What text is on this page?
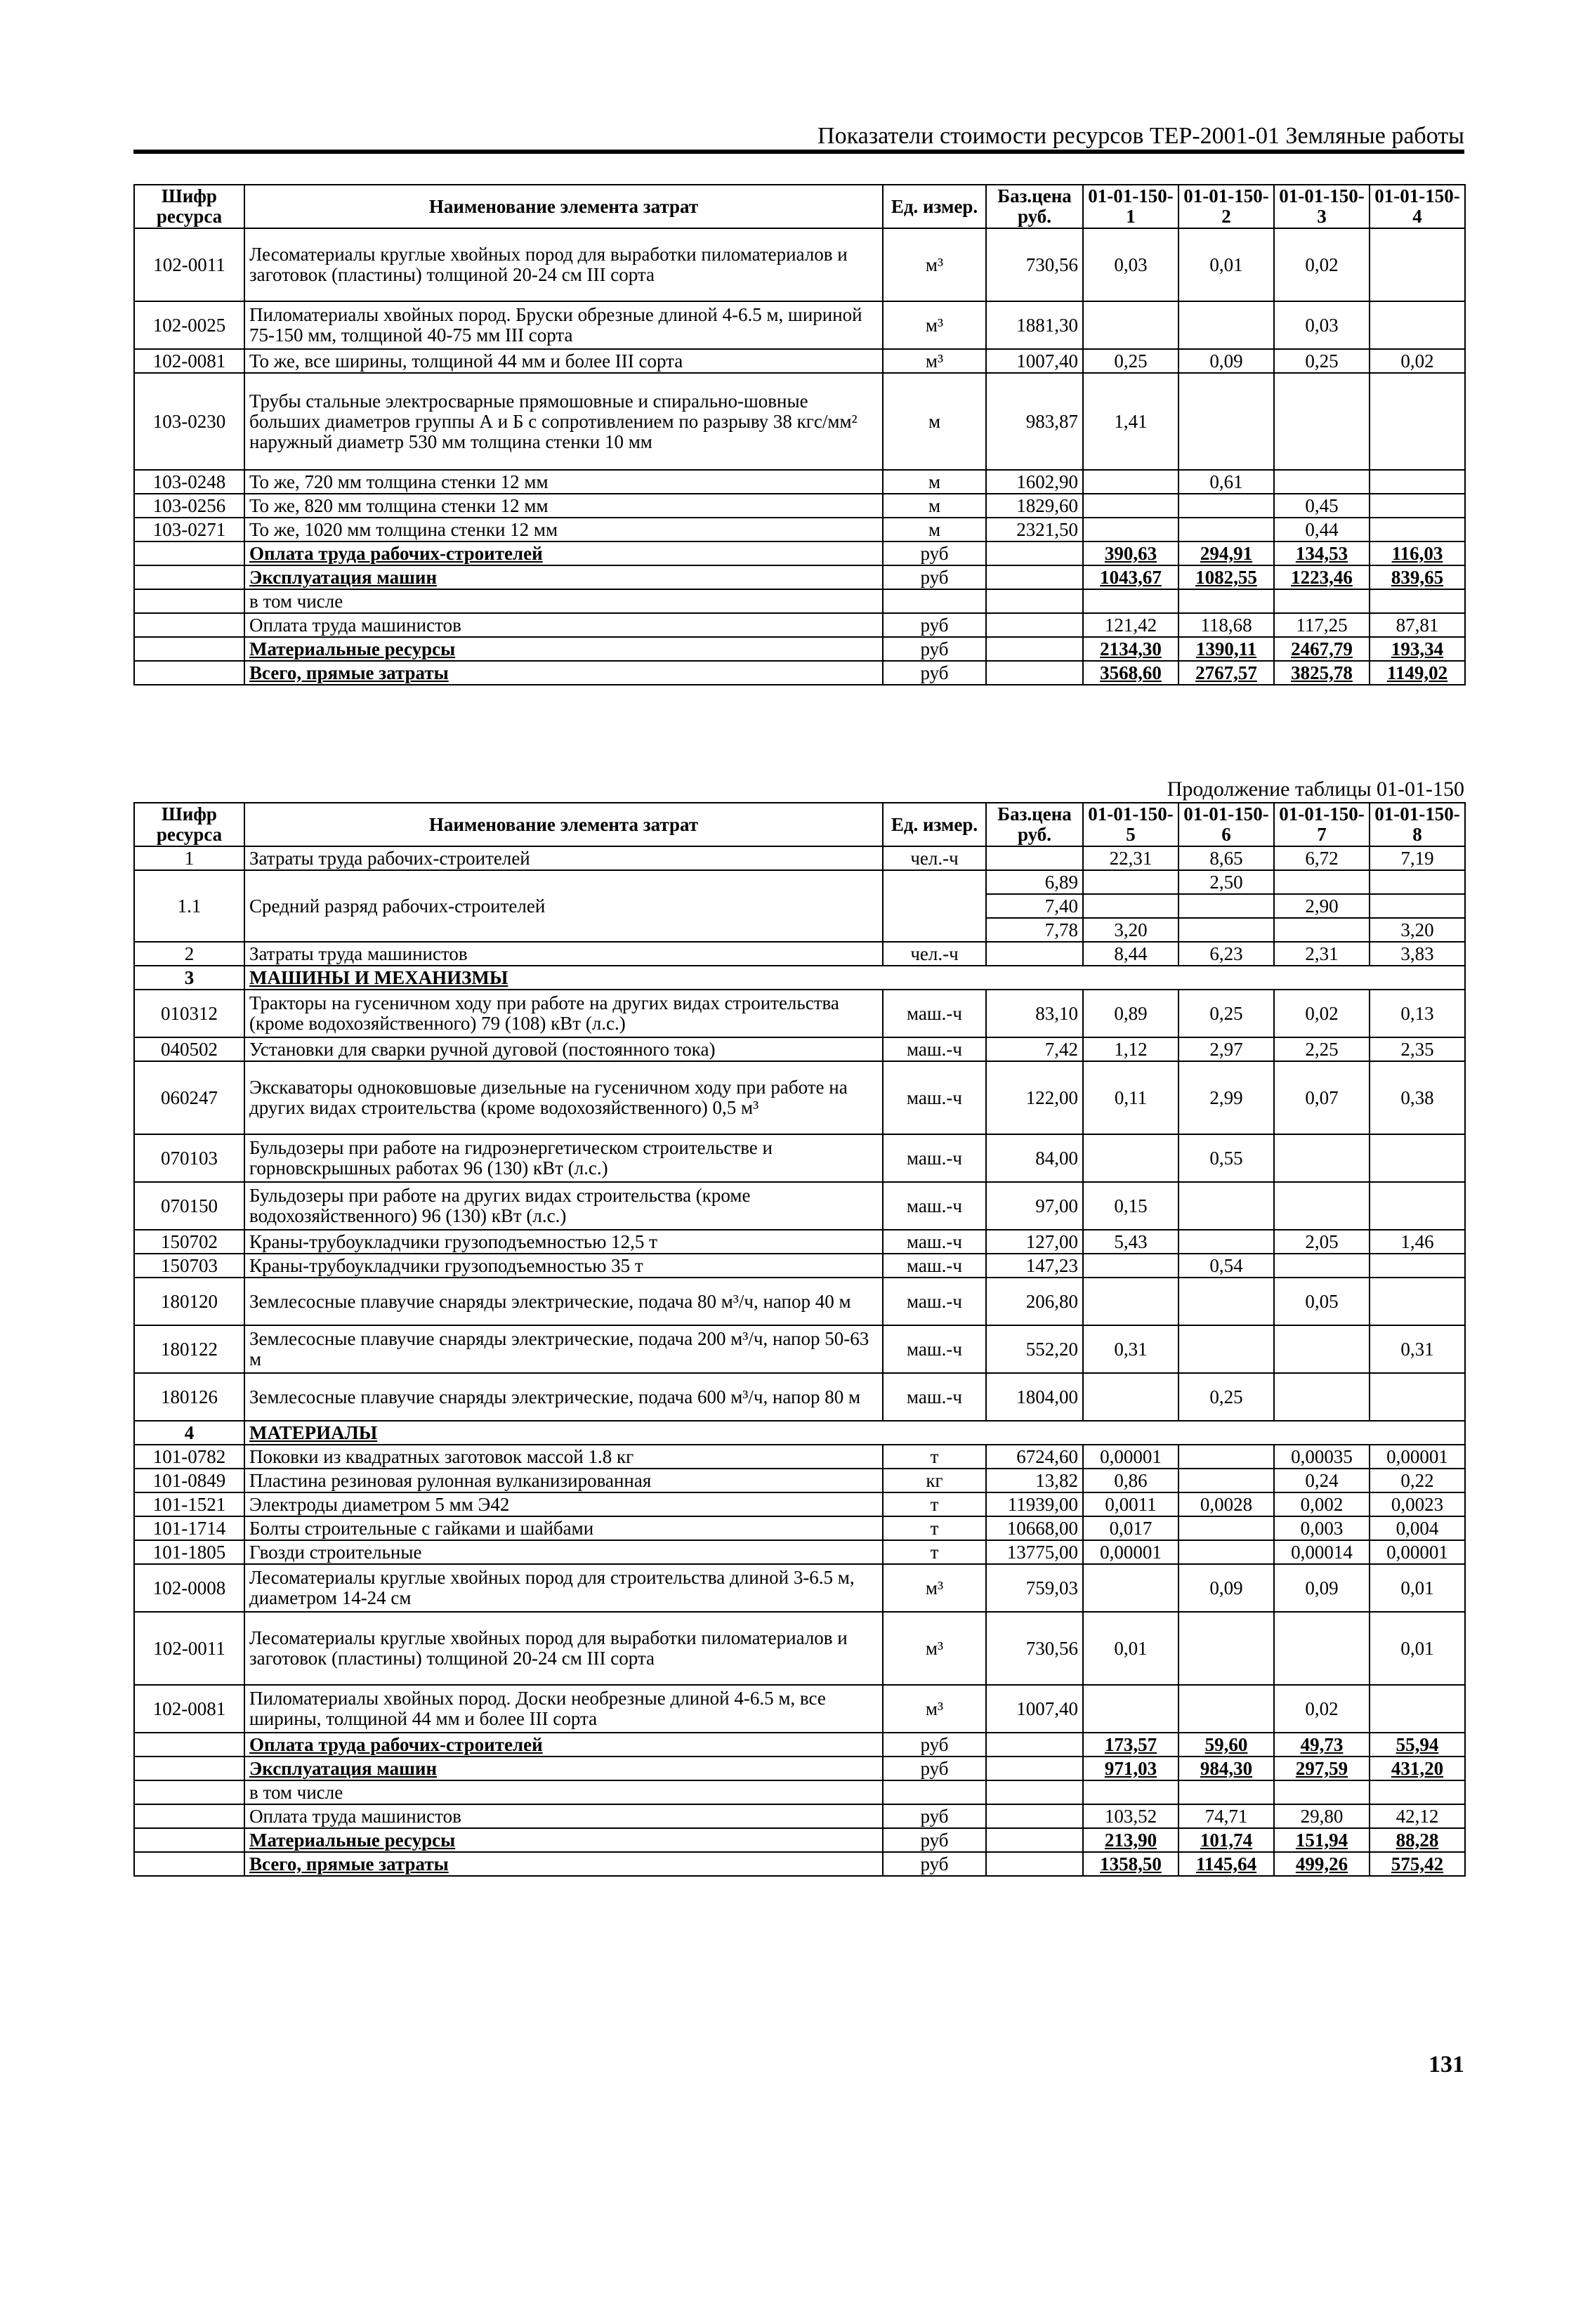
Показатели стоимости ресурсов ТЕР-2001-01 Земляные работы
Шифр ресурса	Наименование элемента затрат	Ед. измер.	Баз.цена руб.	01-01-150-1	01-01-150-2	01-01-150-3	01-01-150-4
102-0011	Лесоматериалы круглые хвойных пород для выработки пиломатериалов и заготовок (пластины) толщиной 20-24 см III сорта	м³	730,56	0,03	0,01	0,02	
102-0025	Пиломатериалы хвойных пород. Бруски обрезные длиной 4-6.5 м, шириной 75-150 мм, толщиной 40-75 мм III сорта	м³	1881,30			0,03	
102-0081	То же, все ширины, толщиной 44 мм и более III сорта	м³	1007,40	0,25	0,09	0,25	0,02
103-0230	Трубы стальные электросварные прямошовные и спирально-шовные больших диаметров группы А и Б с сопротивлением по разрыву 38 кгс/мм² наружный диаметр 530 мм толщина стенки 10 мм	м	983,87	1,41			
103-0248	То же, 720 мм толщина стенки 12 мм	м	1602,90		0,61		
103-0256	То же, 820 мм толщина стенки 12 мм	м	1829,60			0,45	
103-0271	То же, 1020 мм толщина стенки 12 мм	м	2321,50			0,44	
	Оплата труда рабочих-строителей	руб		390,63	294,91	134,53	116,03
	Эксплуатация машин	руб		1043,67	1082,55	1223,46	839,65
	в том числе						
	Оплата труда машинистов	руб		121,42	118,68	117,25	87,81
	Материальные ресурсы	руб		2134,30	1390,11	2467,79	193,34
	Всего, прямые затраты	руб		3568,60	2767,57	3825,78	1149,02
Продолжение таблицы 01-01-150
Шифр ресурса	Наименование элемента затрат	Ед. измер.	Баз.цена руб.	01-01-150-5	01-01-150-6	01-01-150-7	01-01-150-8
1	Затраты труда рабочих-строителей	чел.-ч		22,31	8,65	6,72	7,19
1.1	Средний разряд рабочих-строителей		6,89		2,50		
			7,40			2,90	
			7,78	3,20			3,20
2	Затраты труда машинистов	чел.-ч		8,44	6,23	2,31	3,83
3	МАШИНЫ И МЕХАНИЗМЫ						
010312	Тракторы на гусеничном ходу при работе на других видах строительства (кроме водохозяйственного) 79 (108) кВт (л.с.)	маш.-ч	83,10	0,89	0,25	0,02	0,13
040502	Установки для сварки ручной дуговой (постоянного тока)	маш.-ч	7,42	1,12	2,97	2,25	2,35
060247	Экскаваторы одноковшовые дизельные на гусеничном ходу при работе на других видах строительства (кроме водохозяйственного) 0,5 м³	маш.-ч	122,00	0,11	2,99	0,07	0,38
070103	Бульдозеры при работе на гидроэнергетическом строительстве и горновскрышных работах 96 (130) кВт (л.с.)	маш.-ч	84,00		0,55		
070150	Бульдозеры при работе на других видах строительства (кроме водохозяйственного) 96 (130) кВт (л.с.)	маш.-ч	97,00	0,15			
150702	Краны-трубоукладчики грузоподъемностью 12,5 т	маш.-ч	127,00	5,43		2,05	1,46
150703	Краны-трубоукладчики грузоподъемностью 35 т	маш.-ч	147,23		0,54		
180120	Землесосные плавучие снаряды электрические, подача 80 м³/ч, напор 40 м	маш.-ч	206,80			0,05	
180122	Землесосные плавучие снаряды электрические, подача 200 м³/ч, напор 50-63 м	маш.-ч	552,20	0,31			0,31
180126	Землесосные плавучие снаряды электрические, подача 600 м³/ч, напор 80 м	маш.-ч	1804,00		0,25		
4	МАТЕРИАЛЫ						
101-0782	Поковки из квадратных заготовок массой 1.8 кг	т	6724,60	0,00001		0,00035	0,00001
101-0849	Пластина резиновая рулонная вулканизированная	кг	13,82	0,86		0,24	0,22
101-1521	Электроды диаметром 5 мм Э42	т	11939,00	0,0011	0,0028	0,002	0,0023
101-1714	Болты строительные с гайками и шайбами	т	10668,00	0,017		0,003	0,004
101-1805	Гвозди строительные	т	13775,00	0,00001		0,00014	0,00001
102-0008	Лесоматериалы круглые хвойных пород для строительства длиной 3-6.5 м, диаметром 14-24 см	м³	759,03		0,09	0,09	0,01
102-0011	Лесоматериалы круглые хвойных пород для выработки пиломатериалов и заготовок (пластины) толщиной 20-24 см III сорта	м³	730,56	0,01			0,01
102-0081	Пиломатериалы хвойных пород. Доски необрезные длиной 4-6.5 м, все ширины, толщиной 44 мм и более III сорта	м³	1007,40			0,02	
	Оплата труда рабочих-строителей	руб		173,57	59,60	49,73	55,94
	Эксплуатация машин	руб		971,03	984,30	297,59	431,20
	в том числе						
	Оплата труда машинистов	руб		103,52	74,71	29,80	42,12
	Материальные ресурсы	руб		213,90	101,74	151,94	88,28
	Всего, прямые затраты	руб		1358,50	1145,64	499,26	575,42
131
